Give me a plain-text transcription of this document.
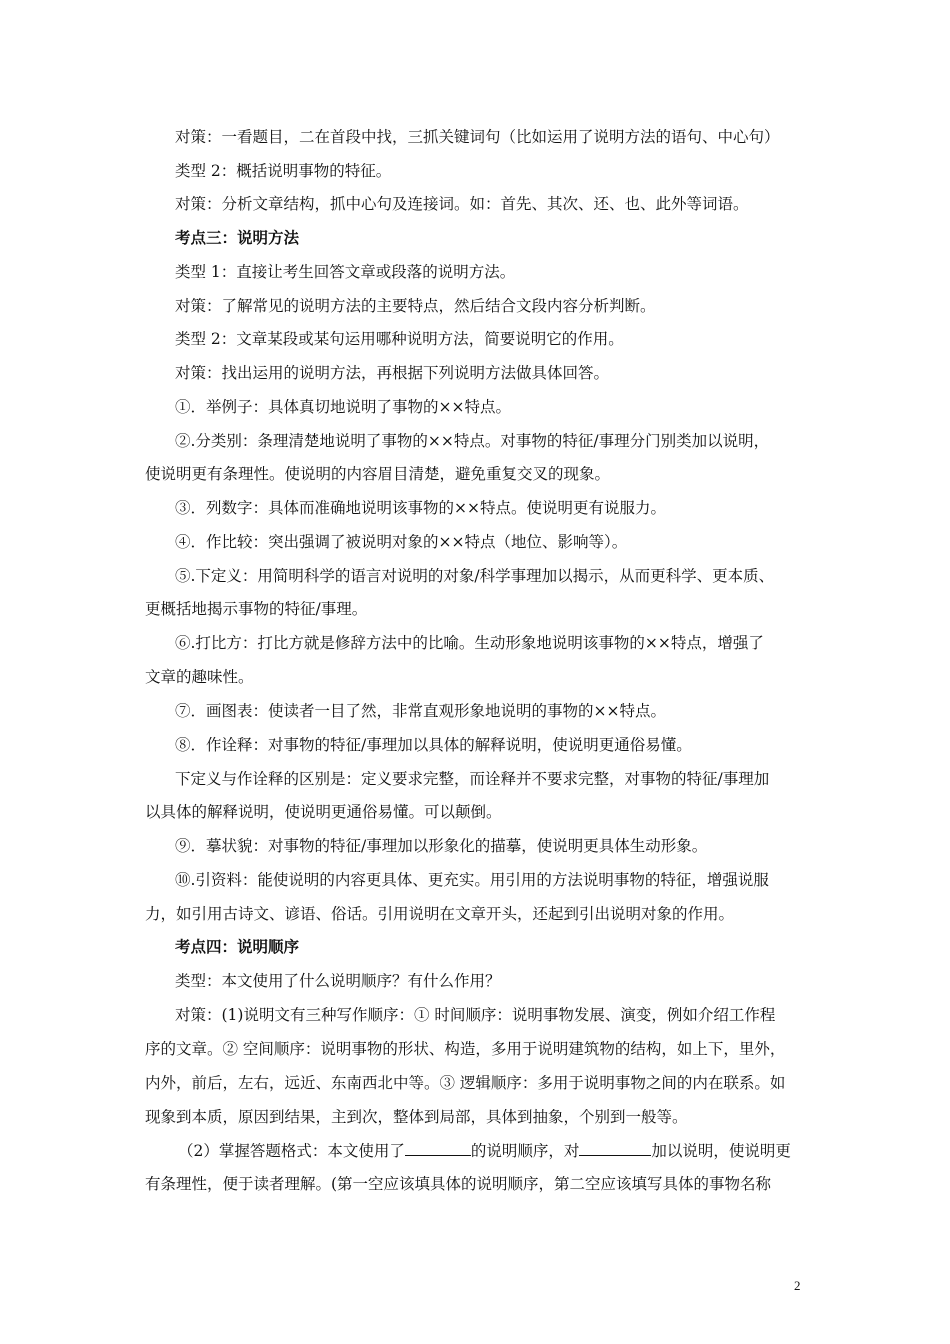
对策：一看题目，二在首段中找，三抓关键词句（比如运用了说明方法的语句、中心句）
类型 2：概括说明事物的特征。
对策：分析文章结构，抓中心句及连接词。如：首先、其次、还、也、此外等词语。
考点三：说明方法
类型 1：直接让考生回答文章或段落的说明方法。
对策：了解常见的说明方法的主要特点，然后结合文段内容分析判断。
类型 2：文章某段或某句运用哪种说明方法，简要说明它的作用。
对策：找出运用的说明方法，再根据下列说明方法做具体回答。
①．举例子：具体真切地说明了事物的××特点。
②.分类别：条理清楚地说明了事物的××特点。对事物的特征/事理分门别类加以说明，
使说明更有条理性。使说明的内容眉目清楚，避免重复交叉的现象。
③．列数字：具体而准确地说明该事物的××特点。使说明更有说服力。
④．作比较：突出强调了被说明对象的××特点（地位、影响等）。
⑤.下定义：用简明科学的语言对说明的对象/科学事理加以揭示，从而更科学、更本质、
更概括地揭示事物的特征/事理。
⑥.打比方：打比方就是修辞方法中的比喻。生动形象地说明该事物的××特点，增强了
文章的趣味性。
⑦．画图表：使读者一目了然，非常直观形象地说明的事物的××特点。
⑧．作诠释：对事物的特征/事理加以具体的解释说明，使说明更通俗易懂。
下定义与作诠释的区别是：定义要求完整，而诠释并不要求完整，对事物的特征/事理加
以具体的解释说明，使说明更通俗易懂。可以颠倒。
⑨．摹状貌：对事物的特征/事理加以形象化的描摹，使说明更具体生动形象。
⑩.引资料：能使说明的内容更具体、更充实。用引用的方法说明事物的特征，增强说服
力，如引用古诗文、谚语、俗话。引用说明在文章开头，还起到引出说明对象的作用。
考点四：说明顺序
类型：本文使用了什么说明顺序？有什么作用？
对策：(1)说明文有三种写作顺序：① 时间顺序：说明事物发展、演变，例如介绍工作程
序的文章。② 空间顺序：说明事物的形状、构造，多用于说明建筑物的结构，如上下，里外，
内外，前后，左右，远近、东南西北中等。③ 逻辑顺序：多用于说明事物之间的内在联系。如
现象到本质，原因到结果，主到次，整体到局部，具体到抽象，个别到一般等。
（2）掌握答题格式：本文使用了	的说明顺序，对	加以说明，使说明更
有条理性，便于读者理解。(第一空应该填具体的说明顺序，第二空应该填写具体的事物名称
2
